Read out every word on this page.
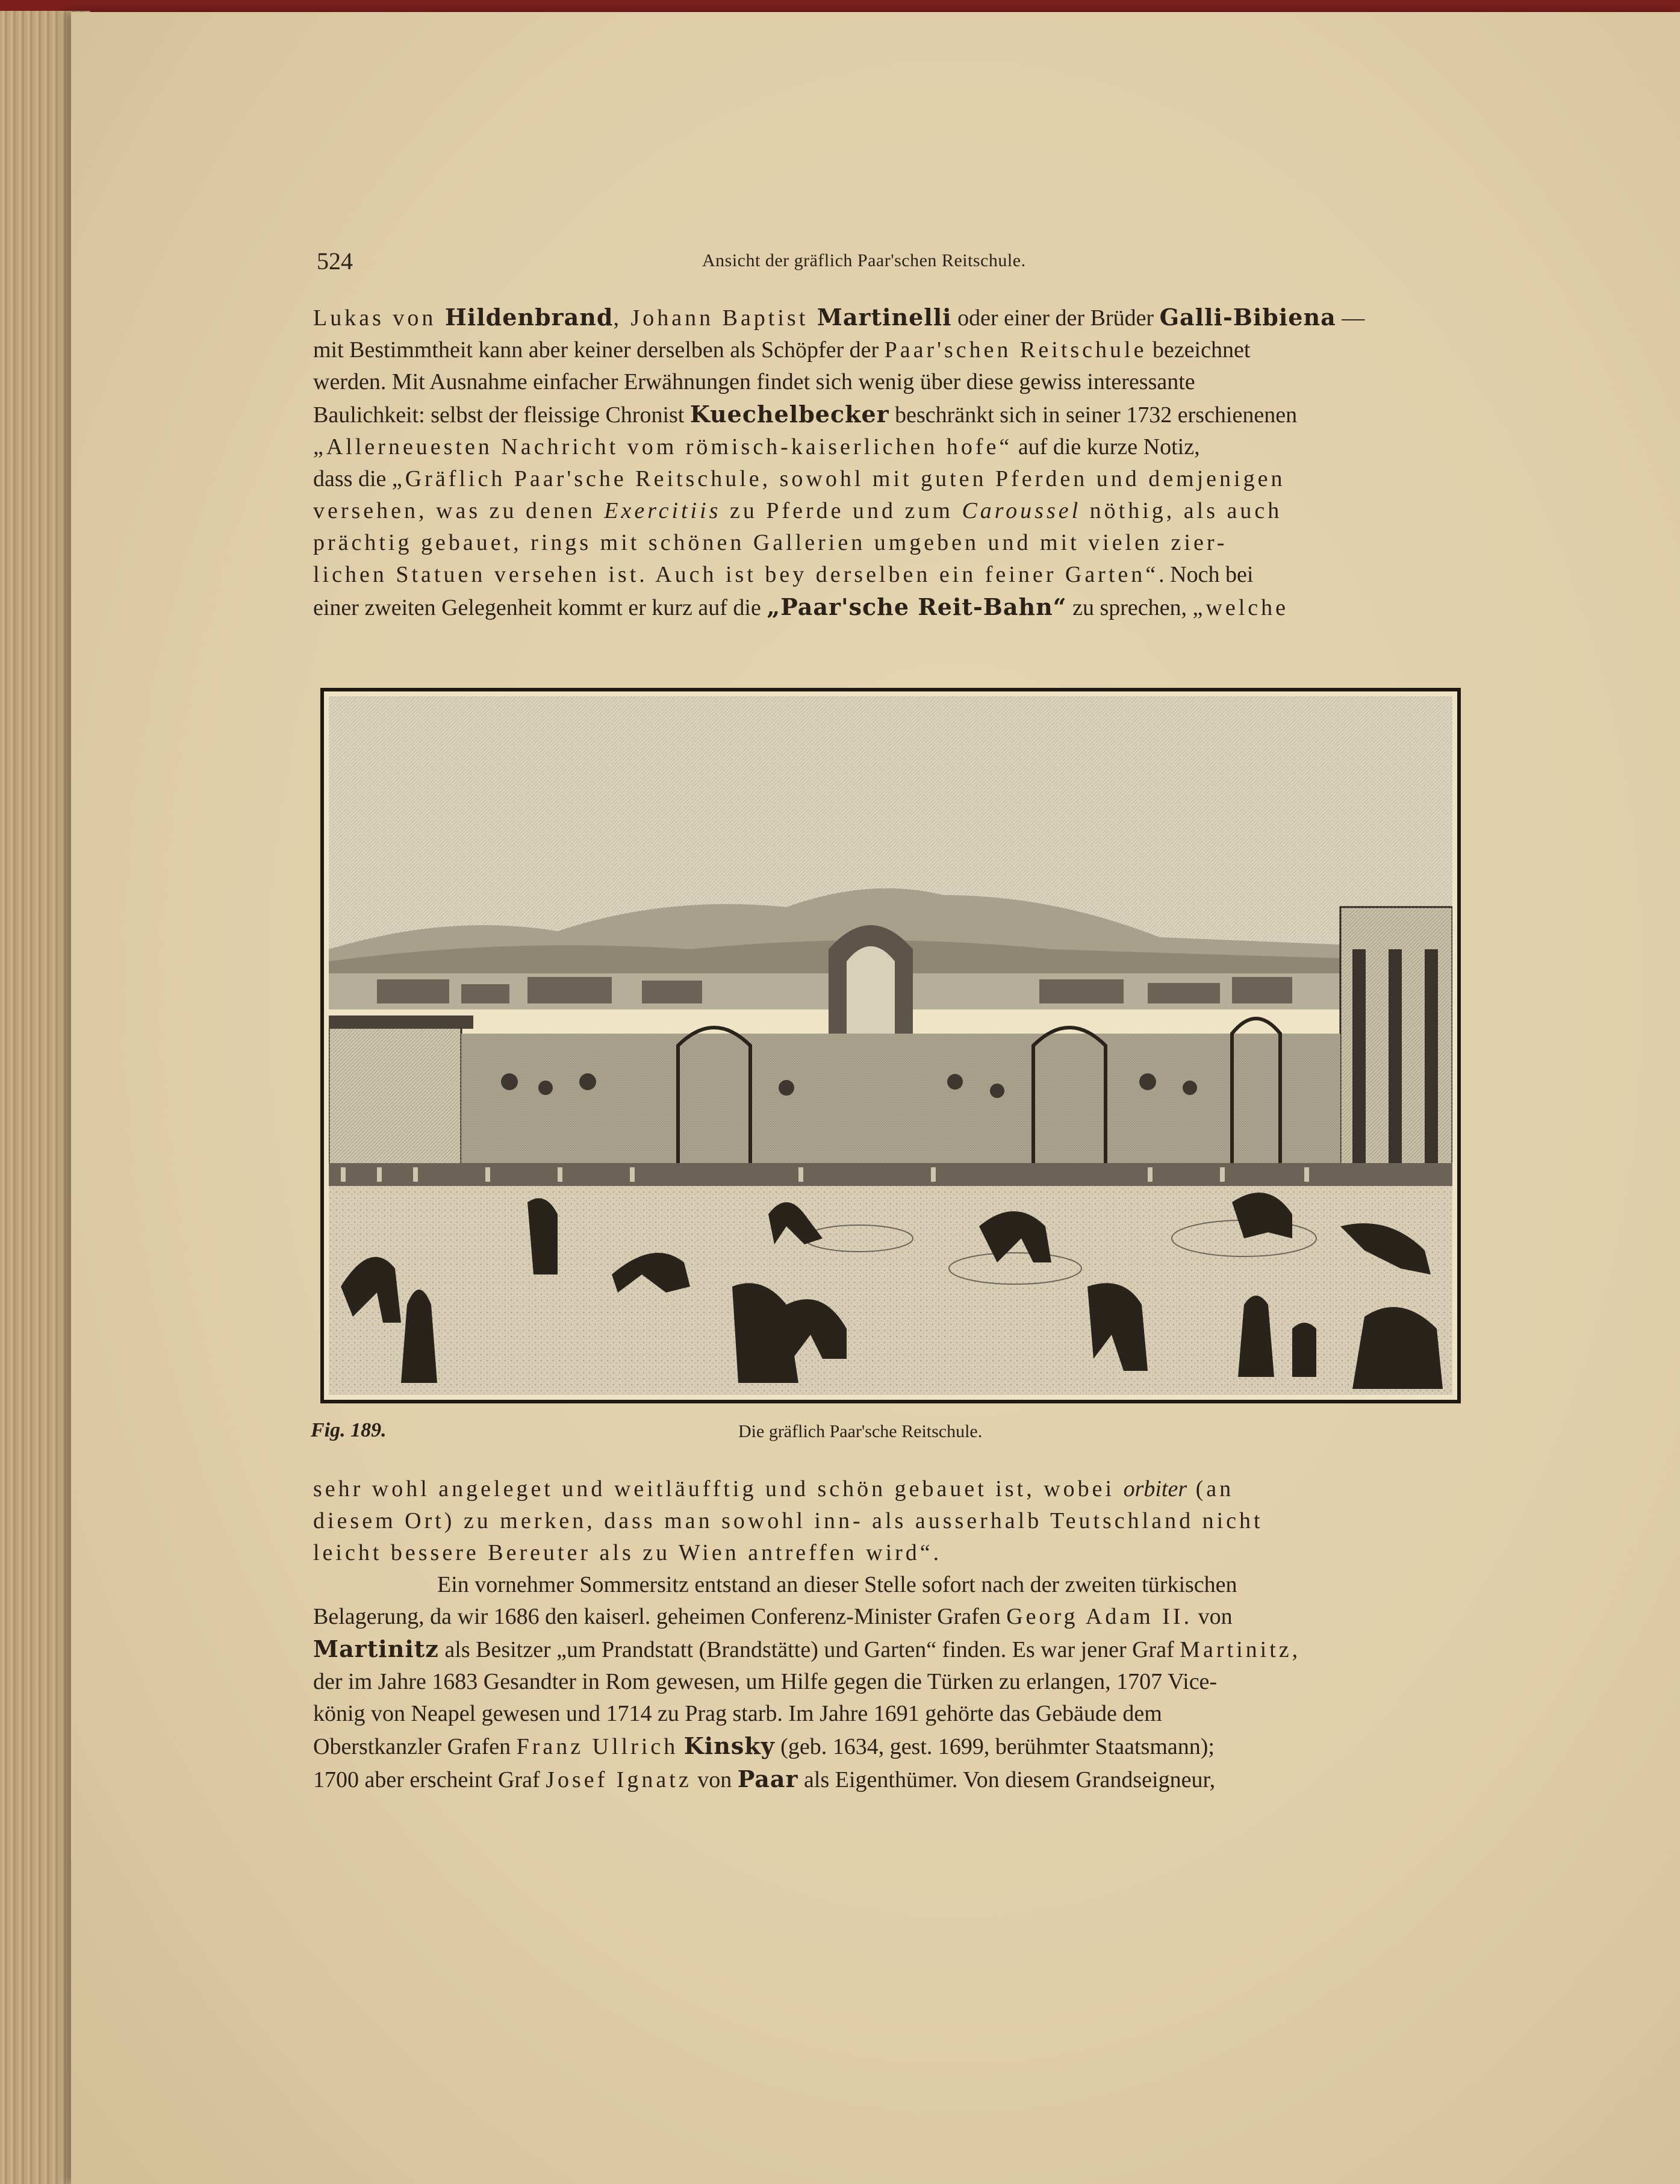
524	Ansicht der gräflich Paar'schen Reitschule.

Lukas von Hildenbrand, Johann Baptist Martinelli oder einer der Brüder Galli-Bibiena —

mit Bestimmtheit kann aber keiner derselben als Schöpfer der Paar'schen Reitschule bezeichnet

werden. Mit Ausnahme einfacher Erwähnungen findet sich wenig über diese gewiss interessante

Baulichkeit: selbst der fleissige Chronist Kuechelbecker beschränkt sich in seiner 1732 erschienenen

„Allerneuesten Nachricht vom römisch-kaiserlichen hofe“ auf die kurze Notiz,

dass die „Gräflich Paar'sche Reitschule, sowohl mit guten Pferden und demjenigen

versehen, was zu denen Exercitiis zu Pferde und zum Caroussel nöthig, als auch

prächtig gebauet, rings mit schönen Gallerien umgeben und mit vielen zier-

lichen Statuen versehen ist. Auch ist bey derselben ein feiner Garten“. Noch bei

einer zweiten Gelegenheit kommt er kurz auf die „Paar'sche Reit-Bahn“ zu sprechen, „welche

Fig. 189.	Die gräflich Paar'sche Reitschule.

sehr wohl angeleget und weitläufftig und schön gebauet ist, wobei orbiter (an

diesem Ort) zu merken, dass man sowohl inn- als ausserhalb Teutschland nicht

leicht bessere Bereuter als zu Wien antreffen wird“.

Ein vornehmer Sommersitz entstand an dieser Stelle sofort nach der zweiten türkischen

Belagerung, da wir 1686 den kaiserl. geheimen Conferenz-Minister Grafen Georg Adam II. von

Martinitz als Besitzer „um Prandstatt (Brandstätte) und Garten“ finden. Es war jener Graf Martinitz,

der im Jahre 1683 Gesandter in Rom gewesen, um Hilfe gegen die Türken zu erlangen, 1707 Vice-

könig von Neapel gewesen und 1714 zu Prag starb. Im Jahre 1691 gehörte das Gebäude dem

Oberstkanzler Grafen Franz Ullrich Kinsky (geb. 1634, gest. 1699, berühmter Staatsmann);

1700 aber erscheint Graf Josef Ignatz von Paar als Eigenthümer. Von diesem Grandseigneur,
